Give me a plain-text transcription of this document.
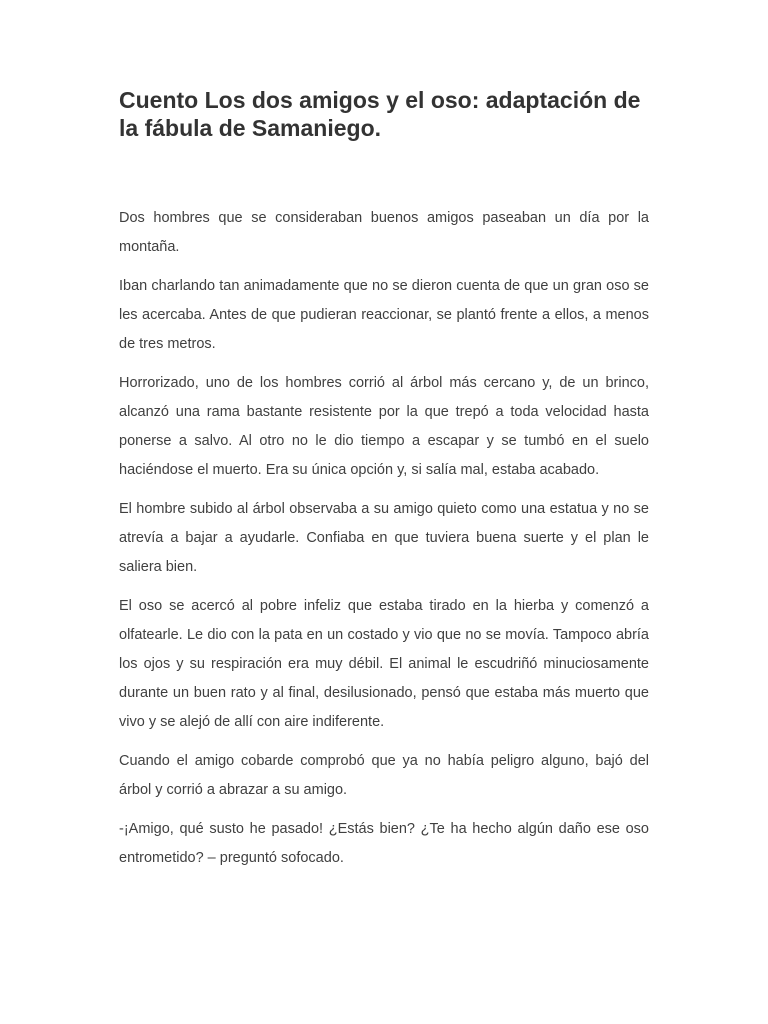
Cuento Los dos amigos y el oso: adaptación de la fábula de Samaniego.

Dos hombres que se consideraban buenos amigos paseaban un día por la montaña.

Iban charlando tan animadamente que no se dieron cuenta de que un gran oso se les acercaba. Antes de que pudieran reaccionar, se plantó frente a ellos, a menos de tres metros.

Horrorizado, uno de los hombres corrió al árbol más cercano y, de un brinco, alcanzó una rama bastante resistente por la que trepó a toda velocidad hasta ponerse a salvo. Al otro no le dio tiempo a escapar y se tumbó en el suelo haciéndose el muerto. Era su única opción y, si salía mal, estaba acabado.

El hombre subido al árbol observaba a su amigo quieto como una estatua y no se atrevía a bajar a ayudarle. Confiaba en que tuviera buena suerte y el plan le saliera bien.

El oso se acercó al pobre infeliz que estaba tirado en la hierba y comenzó a olfatearle. Le dio con la pata en un costado y vio que no se movía. Tampoco abría los ojos y su respiración era muy débil. El animal le escudriñó minuciosamente durante un buen rato y al final, desilusionado, pensó que estaba más muerto que vivo y se alejó de allí con aire indiferente.

Cuando el amigo cobarde comprobó que ya no había peligro alguno, bajó del árbol y corrió a abrazar a su amigo.

-¡Amigo, qué susto he pasado! ¿Estás bien? ¿Te ha hecho algún daño ese oso entrometido? – preguntó sofocado.
